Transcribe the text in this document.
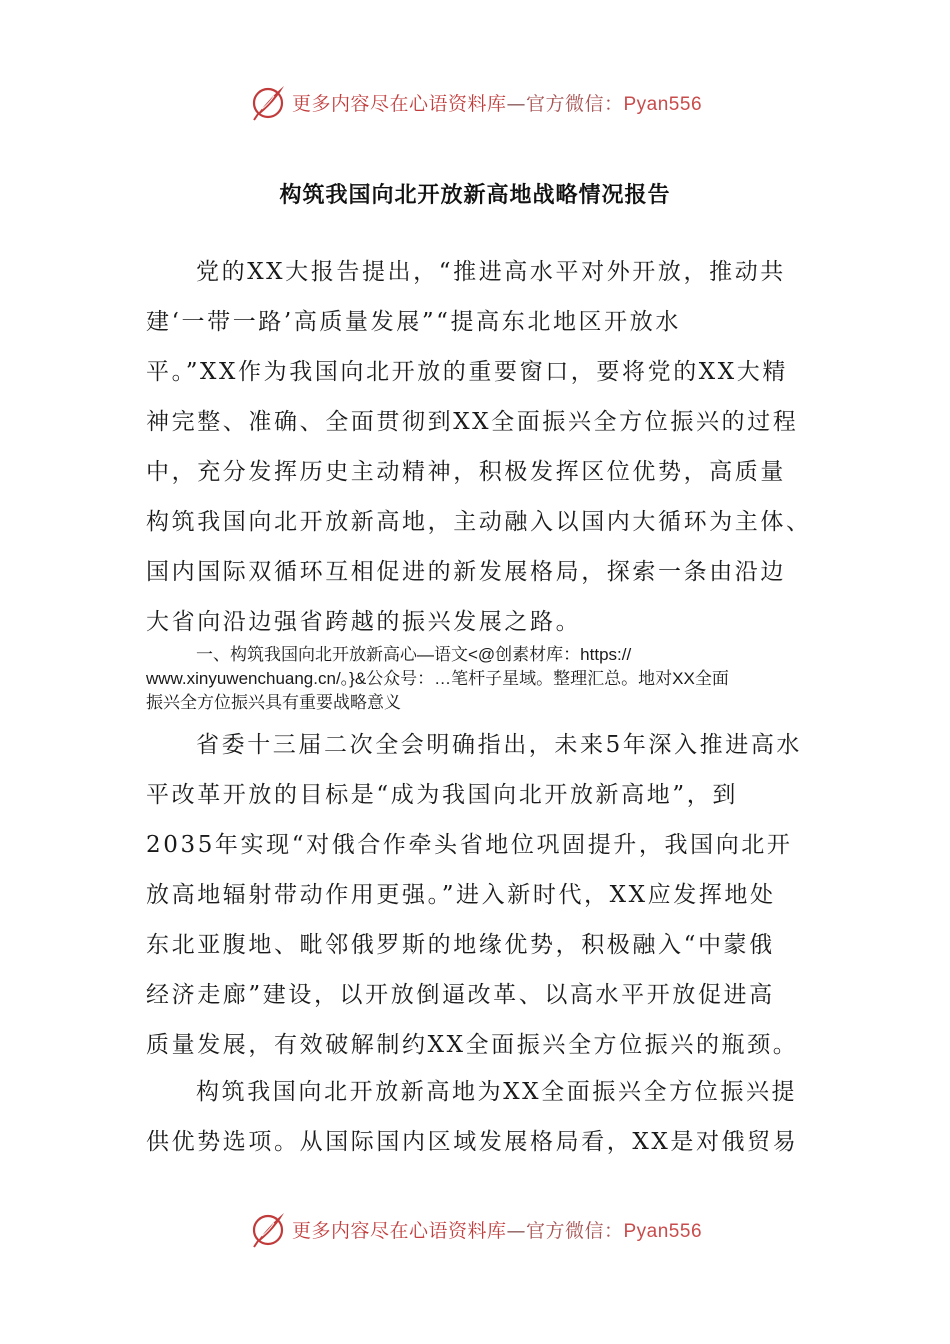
更多内容尽在心语资料库—官方微信：Pyan556
构筑我国向北开放新高地战略情况报告
党的XX大报告提出，“推进高水平对外开放，推动共
建‘一带一路’高质量发展”“提高东北地区开放水
平。”XX作为我国向北开放的重要窗口，要将党的XX大精
神完整、准确、全面贯彻到XX全面振兴全方位振兴的过程
中，充分发挥历史主动精神，积极发挥区位优势，高质量
构筑我国向北开放新高地，主动融入以国内大循环为主体、
国内国际双循环互相促进的新发展格局，探索一条由沿边
大省向沿边强省跨越的振兴发展之路。
一、构筑我国向北开放新高心—语文<@创素材库：https://
www.xinyuwenchuang.cn/。}&公众号：…笔杆子星域。整理汇总。地对XX全面
振兴全方位振兴具有重要战略意义
省委十三届二次全会明确指出，未来5年深入推进高水
平改革开放的目标是“成为我国向北开放新高地”，到
2035年实现“对俄合作牵头省地位巩固提升，我国向北开
放高地辐射带动作用更强。”进入新时代，XX应发挥地处
东北亚腹地、毗邻俄罗斯的地缘优势，积极融入“中蒙俄
经济走廊”建设，以开放倒逼改革、以高水平开放促进高
质量发展，有效破解制约XX全面振兴全方位振兴的瓶颈。
构筑我国向北开放新高地为XX全面振兴全方位振兴提
供优势选项。从国际国内区域发展格局看，XX是对俄贸易
更多内容尽在心语资料库—官方微信：Pyan556
